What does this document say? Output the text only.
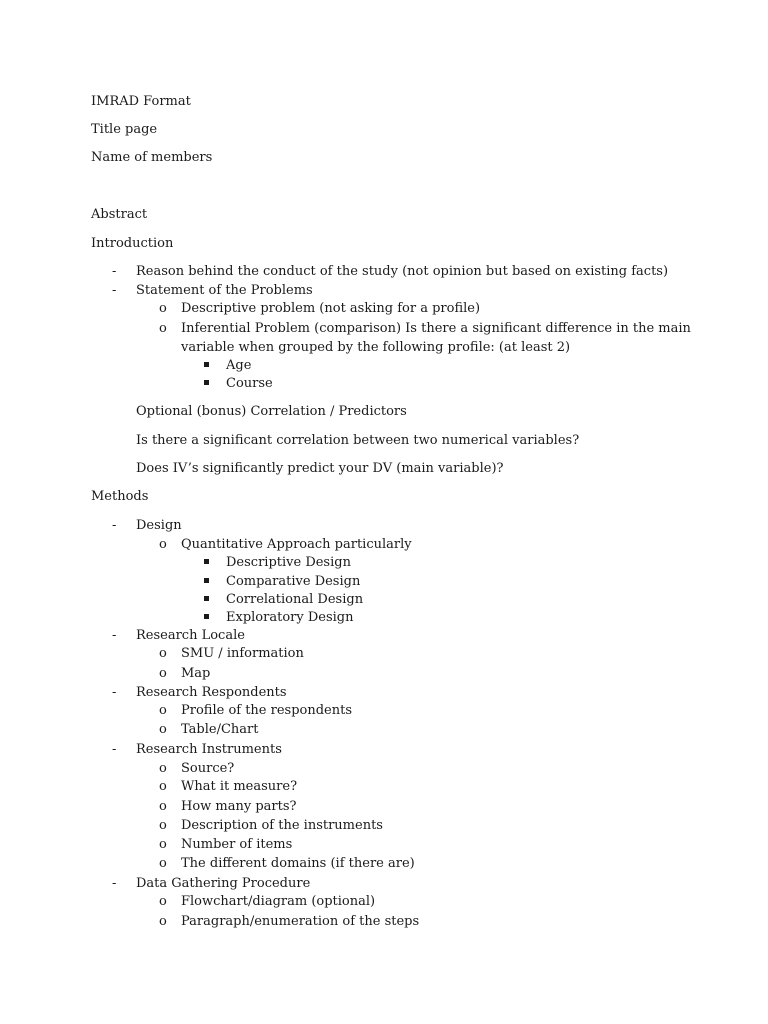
IMRAD Format
Title page
Name of members
Abstract
Introduction
- Reason behind the conduct of the study (not opinion but based on existing facts)
- Statement of the Problems
o Descriptive problem (not asking for a profile)
o Inferential Problem (comparison) Is there a significant difference in the main
variable when grouped by the following profile: (at least 2)
Age
Course
Optional (bonus) Correlation / Predictors
Is there a significant correlation between two numerical variables?
Does IV’s significantly predict your DV (main variable)?
Methods
- Design
o Quantitative Approach particularly
Descriptive Design
Comparative Design
Correlational Design
Exploratory Design
- Research Locale
o SMU / information
o Map
- Research Respondents
o Profile of the respondents
o Table/Chart
- Research Instruments
o Source?
o What it measure?
o How many parts?
o Description of the instruments
o Number of items
o The different domains (if there are)
- Data Gathering Procedure
o Flowchart/diagram (optional)
o Paragraph/enumeration of the steps
